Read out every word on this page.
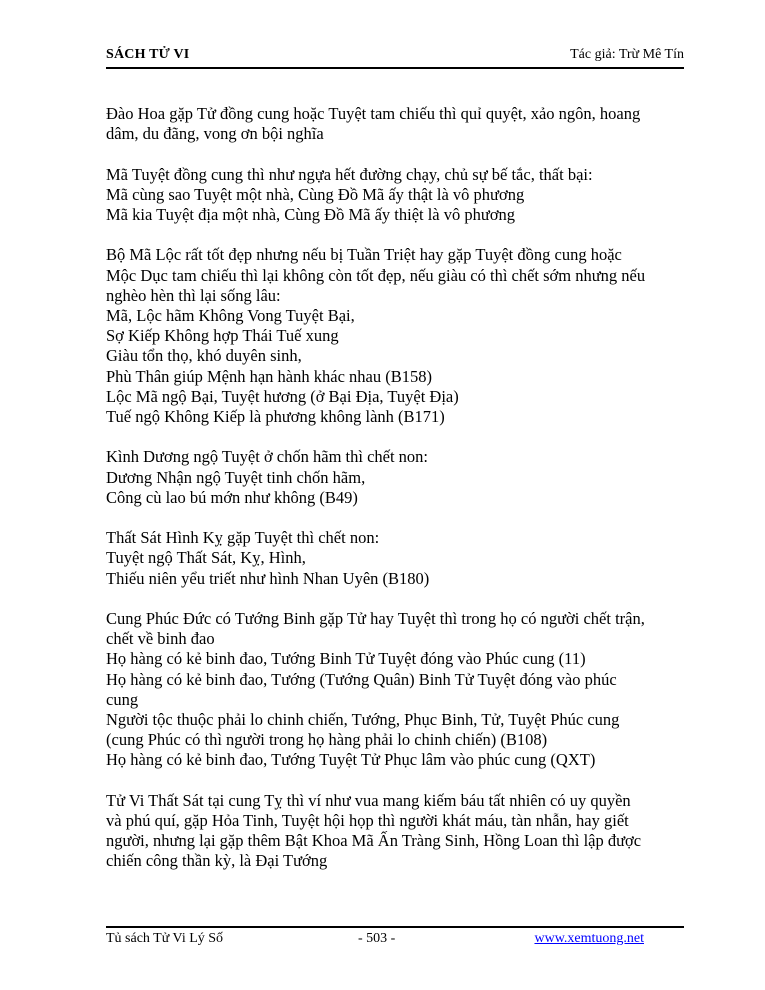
SÁCH TỬ VI	Tác giả: Trừ Mê Tín
Đào Hoa gặp Tử đồng cung hoặc Tuyệt tam chiếu thì quỉ quyệt, xảo ngôn, hoang
dâm, du đãng, vong ơn bội nghĩa
Mã Tuyệt đồng cung thì như ngựa hết đường chạy, chủ sự bế tắc, thất bại:
Mã cùng sao Tuyệt một nhà, Cùng Đồ Mã ấy thật là vô phương
Mã kia Tuyệt địa một nhà, Cùng Đồ Mã ấy thiệt là vô phương
Bộ Mã Lộc rất tốt đẹp nhưng nếu bị Tuần Triệt hay gặp Tuyệt đồng cung hoặc
Mộc Dục tam chiếu thì lại không còn tốt đẹp, nếu giàu có thì chết sớm nhưng nếu
nghèo hèn thì lại sống lâu:
Mã, Lộc hãm Không Vong Tuyệt Bại,
Sợ Kiếp Không hợp Thái Tuế xung
Giàu tổn thọ, khó duyên sinh,
Phù Thân giúp Mệnh hạn hành khác nhau (B158)
Lộc Mã ngộ Bại, Tuyệt hương (ở Bại Địa, Tuyệt Địa)
Tuế ngộ Không Kiếp là phương không lành (B171)
Kình Dương ngộ Tuyệt ở chốn hãm thì chết non:
Dương Nhận ngộ Tuyệt tinh chốn hãm,
Công cù lao bú mớn như không (B49)
Thất Sát Hình Kỵ gặp Tuyệt thì chết non:
Tuyệt ngộ Thất Sát, Kỵ, Hình,
Thiếu niên yểu triết như hình Nhan Uyên (B180)
Cung Phúc Đức có Tướng Binh gặp Tử hay Tuyệt thì trong họ có người chết trận,
chết về binh đao
Họ hàng có kẻ binh đao, Tướng Binh Tử Tuyệt đóng vào Phúc cung (11)
Họ hàng có kẻ binh đao, Tướng (Tướng Quân) Binh Tử Tuyệt đóng vào phúc
cung
Người tộc thuộc phải lo chinh chiến, Tướng, Phục Binh, Tử, Tuyệt Phúc cung
(cung Phúc có thì người trong họ hàng phải lo chinh chiến) (B108)
Họ hàng có kẻ binh đao, Tướng Tuyệt Tử Phục lâm vào phúc cung (QXT)
Tử Vi Thất Sát tại cung Tỵ thì ví như vua mang kiếm báu tất nhiên có uy quyền
và phú quí, gặp Hỏa Tinh, Tuyệt hội họp thì người khát máu, tàn nhẫn, hay giết
người, nhưng lại gặp thêm Bật Khoa Mã Ấn Tràng Sinh, Hồng Loan thì lập được
chiến công thần kỳ, là Đại Tướng
Tủ sách Tử Vi Lý Số	- 503 -	www.xemtuong.net
